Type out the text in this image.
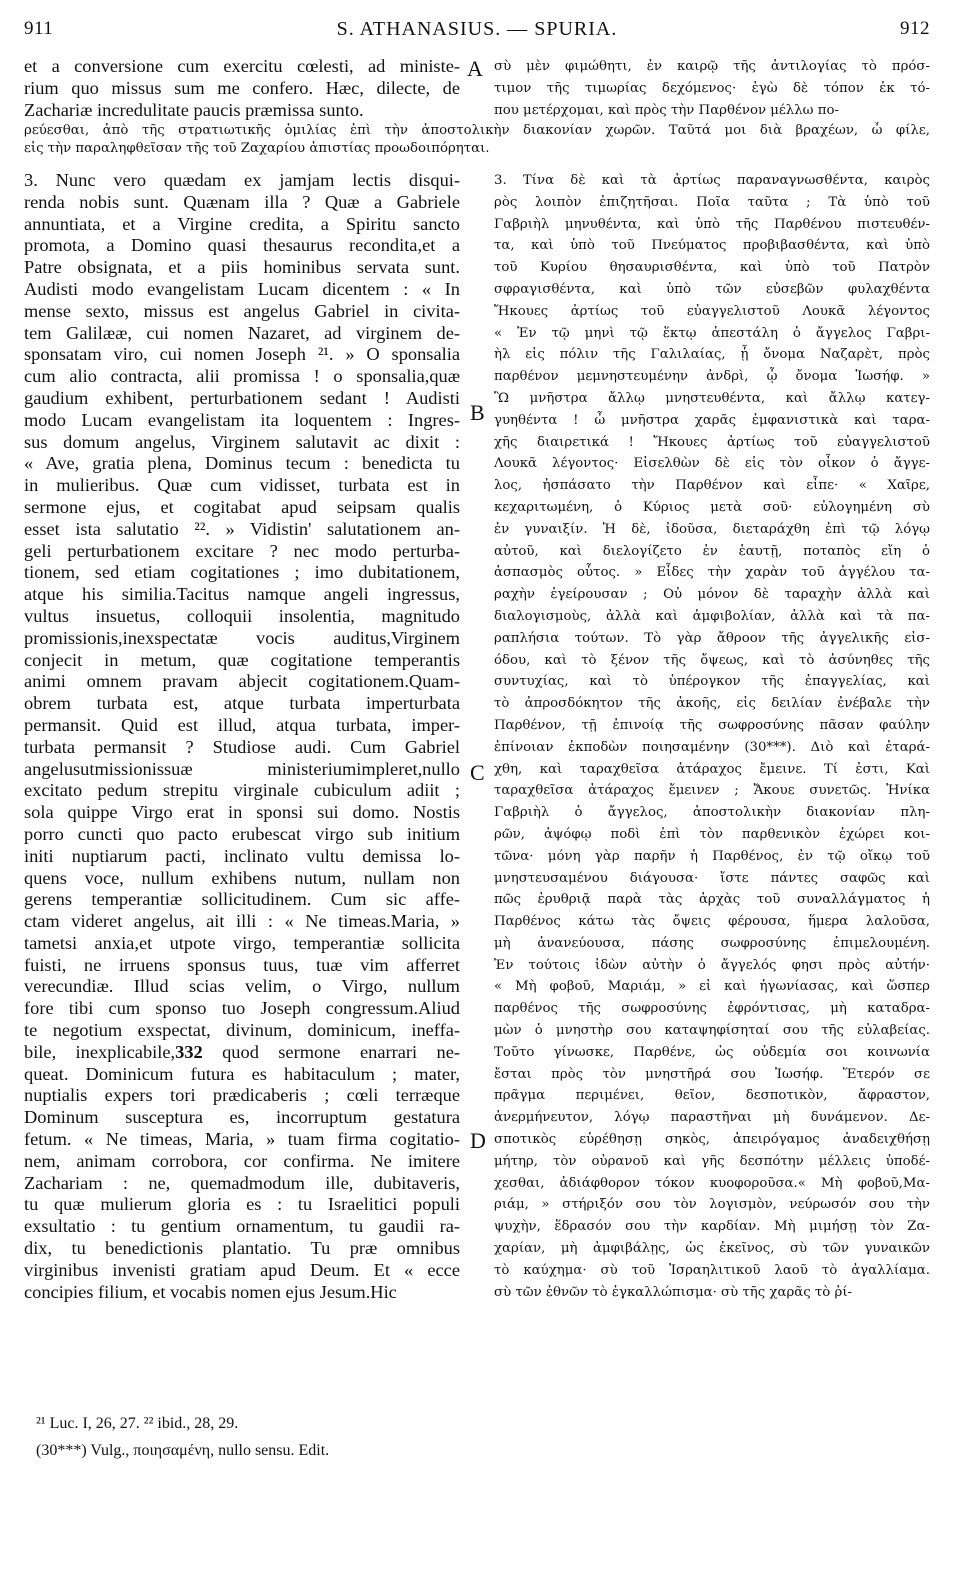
911	S. ATHANASIUS. — SPURIA.	912
et a conversione cum exercitu cœlesti, ad ministe-
rium quo missus sum me confero. Hæc, dilecte, de
Zachariæ incredulitate paucis præmissa sunto.
σὺ μὲν φιμώθητι, ἐν καιρῷ τῆς ἀντιλογίας τὸ πρόσ-
τιμον τῆς τιμωρίας δεχόμενος· ἐγὼ δὲ τόπον ἐκ τό-
που μετέρχομαι, καὶ πρὸς τὴν Παρθένον μέλλω πο-
ρεύεσθαι, ἀπὸ τῆς στρατιωτικῆς ὁμιλίας ἐπὶ τὴν ἀποστολικὴν διακονίαν χωρῶν. Ταῦτά μοι διὰ βραχέων, ὦ φίλε,
εἰς τὴν παραληφθεῖσαν τῆς τοῦ Ζαχαρίου ἀπιστίας προωδοιπόρηται.
3. Nunc vero quædam ex jamjam lectis disqui-
renda nobis sunt. Quænam illa ? Quæ a Gabriele
annuntiata, et a Virgine credita, a Spiritu sancto
promota, a Domino quasi thesaurus recondita,et a
Patre obsignata, et a piis hominibus servata sunt.
Audisti modo evangelistam Lucam dicentem : « In
mense sexto, missus est angelus Gabriel in civita-
tem Galilææ, cui nomen Nazaret, ad virginem de-
sponsatam viro, cui nomen Joseph ²¹. » O sponsalia
cum alio contracta, alii promissa ! o sponsalia,quæ
gaudium exhibent, perturbationem sedant ! Audisti
modo Lucam evangelistam ita loquentem : Ingres-
sus domum angelus, Virginem salutavit ac dixit :
« Ave, gratia plena, Dominus tecum : benedicta tu
in mulieribus. Quæ cum vidisset, turbata est in
sermone ejus, et cogitabat apud seipsam qualis
esset ista salutatio ²². » Vidistin' salutationem an-
geli perturbationem excitare ? nec modo perturba-
tionem, sed etiam cogitationes ; imo dubitationem,
atque his similia.Tacitus namque angeli ingressus,
vultus insuetus, colloquii insolentia, magnitudo
promissionis,inexspectatæ vocis auditus,Virginem
conjecit in metum, quæ cogitatione temperantis
animi omnem pravam abjecit cogitationem.Quam-
obrem turbata est, atque turbata imperturbata
permansit. Quid est illud, atqua turbata, imper-
turbata permansit ? Studiose audi. Cum Gabriel
angelusutmissionissuæ ministeriumimpleret,nullo
excitato pedum strepitu virginale cubiculum adiit ;
sola quippe Virgo erat in sponsi sui domo. Nostis
porro cuncti quo pacto erubescat virgo sub initium
initi nuptiarum pacti, inclinato vultu demissa lo-
quens voce, nullum exhibens nutum, nullam non
gerens temperantiæ sollicitudinem. Cum sic affe-
ctam videret angelus, ait illi : « Ne timeas.Maria, »
tametsi anxia,et utpote virgo, temperantiæ sollicita
fuisti, ne irruens sponsus tuus, tuæ vim afferret
verecundiæ. Illud scias velim, o Virgo, nullum
fore tibi cum sponso tuo Joseph congressum.Aliud
te negotium exspectat, divinum, dominicum, ineffa-
bile, inexplicabile,332 quod sermone enarrari ne-
queat. Dominicum futura es habitaculum ; mater,
nuptialis expers tori prædicaberis ; cœli terræque
Dominum susceptura es, incorruptum gestatura
fetum. « Ne timeas, Maria, » tuam firma cogitatio-
nem, animam corrobora, cor confirma. Ne imitere
Zachariam : ne, quemadmodum ille, dubitaveris,
tu quæ mulierum gloria es : tu Israelitici populi
exsultatio : tu gentium ornamentum, tu gaudii ra-
dix, tu benedictionis plantatio. Tu præ omnibus
virginibus invenisti gratiam apud Deum. Et « ecce
concipies filium, et vocabis nomen ejus Jesum.Hic
3. Τίνα δὲ καὶ τὰ ἀρτίως παραναγνωσθέντα, καιρὸς
ρὸς λοιπὸν ἐπιζητῆσαι. Ποῖα ταῦτα ; Τὰ ὑπὸ τοῦ
Γαβριὴλ μηνυθέντα, καὶ ὑπὸ τῆς Παρθένου πιστευθέν-
τα, καὶ ὑπὸ τοῦ Πνεύματος προβιβασθέντα, καὶ ὑπὸ
τοῦ Κυρίου θησαυρισθέντα, καὶ ὑπὸ τοῦ Πατρὸν
σφραγισθέντα, καὶ ὑπὸ τῶν εὐσεβῶν φυλαχθέντα
Ἤκουες ἀρτίως τοῦ εὐαγγελιστοῦ Λουκᾶ λέγοντος
« Ἐν τῷ μηνὶ τῷ ἕκτῳ ἀπεστάλη ὁ ἄγγελος Γαβρι-
ὴλ εἰς πόλιν τῆς Γαλιλαίας, ᾗ ὄνομα Ναζαρὲτ, πρὸς
παρθένον μεμνηστευμένην ἀνδρὶ, ᾧ ὄνομα Ἰωσήφ. »
Ὢ μνῆστρα ἄλλῳ μνηστευθέντα, καὶ ἄλλῳ κατεγ-
γυηθέντα ! ὦ μνῆστρα χαρᾶς ἐμφανιστικὰ καὶ ταρα-
χῆς διαιρετικά ! Ἤκουες ἀρτίως τοῦ εὐαγγελιστοῦ
Λουκᾶ λέγοντος· Εἰσελθὼν δὲ εἰς τὸν οἶκον ὁ ἄγγε-
λος, ἠσπάσατο τὴν Παρθένον καὶ εἶπε· « Χαῖρε,
κεχαριτωμένη, ὁ Κύριος μετὰ σοῦ· εὐλογημένη σὺ
ἐν γυναιξίν. Ἡ δὲ, ἰδοῦσα, διεταράχθη ἐπὶ τῷ λόγῳ
αὐτοῦ, καὶ διελογίζετο ἐν ἑαυτῇ, ποταπὸς εἴη ὁ
ἀσπασμὸς οὗτος. » Εἶδες τὴν χαρὰν τοῦ ἀγγέλου τα-
ραχὴν ἐγείρουσαν ; Οὐ μόνον δὲ ταραχὴν ἀλλὰ καὶ
διαλογισμοὺς, ἀλλὰ καὶ ἀμφιβολίαν, ἀλλὰ καὶ τὰ πα-
ραπλήσια τούτων. Τὸ γὰρ ἄθροον τῆς ἀγγελικῆς εἰσ-
όδου, καὶ τὸ ξένον τῆς ὄψεως, καὶ τὸ ἀσύνηθες τῆς
συντυχίας, καὶ τὸ ὑπέρογκον τῆς ἐπαγγελίας, καὶ
τὸ ἀπροσδόκητον τῆς ἀκοῆς, εἰς δειλίαν ἐνέβαλε τὴν
Παρθένον, τῇ ἐπινοίᾳ τῆς σωφροσύνης πᾶσαν φαύλην
ἐπίνοιαν ἐκποδὼν ποιησαμένην (30***). Διὸ καὶ ἐταρά-
χθη, καὶ ταραχθεῖσα ἀτάραχος ἔμεινε. Τί ἐστι, Καὶ
ταραχθεῖσα ἀτάραχος ἔμεινεν ; Ἄκουε συνετῶς. Ἡνίκα
Γαβριὴλ ὁ ἄγγελος, ἀποστολικὴν διακονίαν πλη-
ρῶν, ἀψόφῳ ποδὶ ἐπὶ τὸν παρθενικὸν ἐχώρει κοι-
τῶνα· μόνη γὰρ παρῆν ἡ Παρθένος, ἐν τῷ οἴκῳ τοῦ
μνηστευσαμένου διάγουσα· ἴστε πάντες σαφῶς καὶ
πῶς ἐρυθριᾷ παρὰ τὰς ἀρχὰς τοῦ συναλλάγματος ἡ
Παρθένος κάτω τὰς ὄψεις φέρουσα, ἥμερα λαλοῦσα,
μὴ ἀνανεύουσα, πάσης σωφροσύνης ἐπιμελουμένη.
Ἐν τούτοις ἰδὼν αὐτὴν ὁ ἄγγελός φησι πρὸς αὐτήν·
« Μὴ φοβοῦ, Μαριάμ, » εἰ καὶ ἠγωνίασας, καὶ ὥσπερ
παρθένος τῆς σωφροσύνης ἐφρόντισας, μὴ καταδρα-
μὼν ὁ μνηστὴρ σου καταψηφίσηταί σου τῆς εὐλαβείας.
Τοῦτο γίνωσκε, Παρθένε, ὡς οὐδεμία σοι κοινωνία
ἔσται πρὸς τὸν μνηστῆρά σου Ἰωσήφ. Ἕτερόν σε
πρᾶγμα περιμένει, θεῖον, δεσποτικὸν, ἄφραστον,
ἀνερμήνευτον, λόγῳ παραστῆναι μὴ δυνάμενον. Δε-
σποτικὸς εὑρέθησῃ σηκὸς, ἀπειρόγαμος ἀναδειχθήσῃ
μήτηρ, τὸν οὐρανοῦ καὶ γῆς δεσπότην μέλλεις ὑποδέ-
χεσθαι, ἀδιάφθορον τόκον κυοφοροῦσα.« Μὴ φοβοῦ,Μα-
ριάμ, » στήριξόν σου τὸν λογισμὸν, νεύρωσόν σου τὴν
ψυχὴν, ἕδρασόν σου τὴν καρδίαν. Μὴ μιμήσῃ τὸν Ζα-
χαρίαν, μὴ ἀμφιβάλῃς, ὡς ἐκεῖνος, σὺ τῶν γυναικῶν
τὸ καύχημα· σὺ τοῦ Ἰσραηλιτικοῦ λαοῦ τὸ ἀγαλλίαμα.
σὺ τῶν ἐθνῶν τὸ ἐγκαλλώπισμα· σὺ τῆς χαρᾶς τὸ ῥί-
A
B
C
D
²¹ Luc. I, 26, 27. ²² ibid., 28, 29.
(30***) Vulg., ποιησαμένη, nullo sensu. Edit.
